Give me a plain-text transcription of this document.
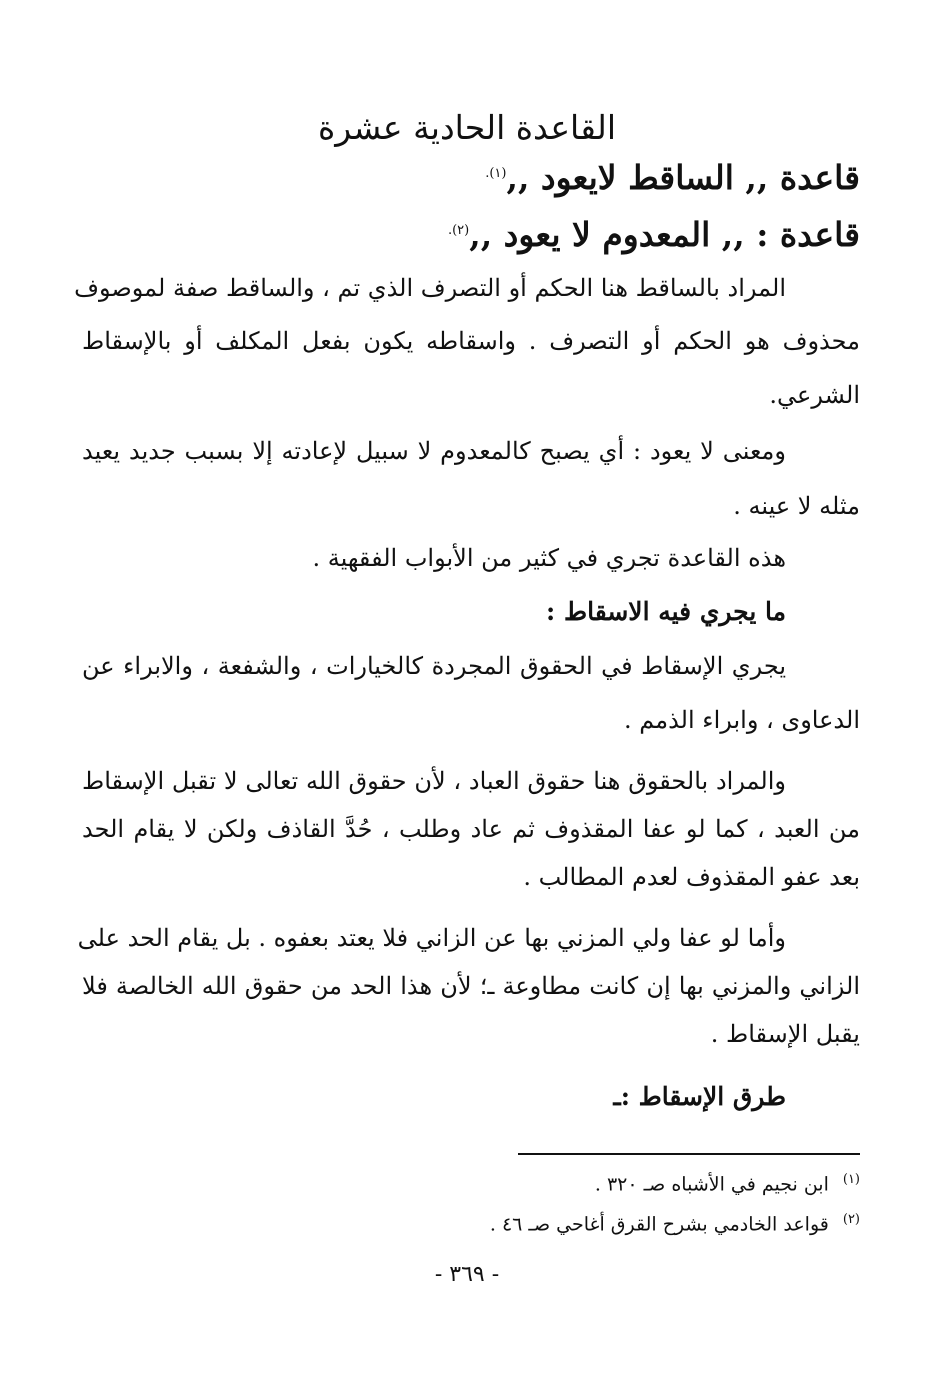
القاعدة الحادية عشرة
قاعدة ,, الساقط لايعود ,,$^{(١).}$
قاعدة : ,, المعدوم لا يعود ,,$^{(٢).}$
المراد بالساقط هنا الحكم أو التصرف الذي تم ، والساقط صفة لموصوف
محذوف هو الحكم أو التصرف . واسقاطه يكون بفعل المكلف أو بالإسقاط
الشرعي.
ومعنى لا يعود : أي يصبح كالمعدوم لا سبيل لإعادته إلا بسبب جديد يعيد
مثله لا عينه .
هذه القاعدة تجري في كثير من الأبواب الفقهية .
ما يجري فيه الاسقاط :
يجري الإسقاط في الحقوق المجردة كالخيارات ، والشفعة ، والابراء عن
الدعاوى ، وابراء الذمم .
والمراد بالحقوق هنا حقوق العباد ، لأن حقوق الله تعالى لا تقبل الإسقاط
من العبد ، كما لو عفا المقذوف ثم عاد وطلب ، حُدَّ القاذف ولكن لا يقام الحد
بعد عفو المقذوف لعدم المطالب .
وأما لو عفا ولي المزني بها عن الزاني فلا يعتد بعفوه . بل يقام الحد على
الزاني والمزني بها إن كانت مطاوعة ـ؛ لأن هذا الحد من حقوق الله الخالصة فلا
يقبل الإسقاط .
طرق الإسقاط :ـ
$^{(١)}$ابن نجيم في الأشباه صـ ٣٢٠ .
$^{(٢)}$قواعد الخادمي بشرح القرق أغاحي صـ ٤٦ .
- ٣٦٩ -
